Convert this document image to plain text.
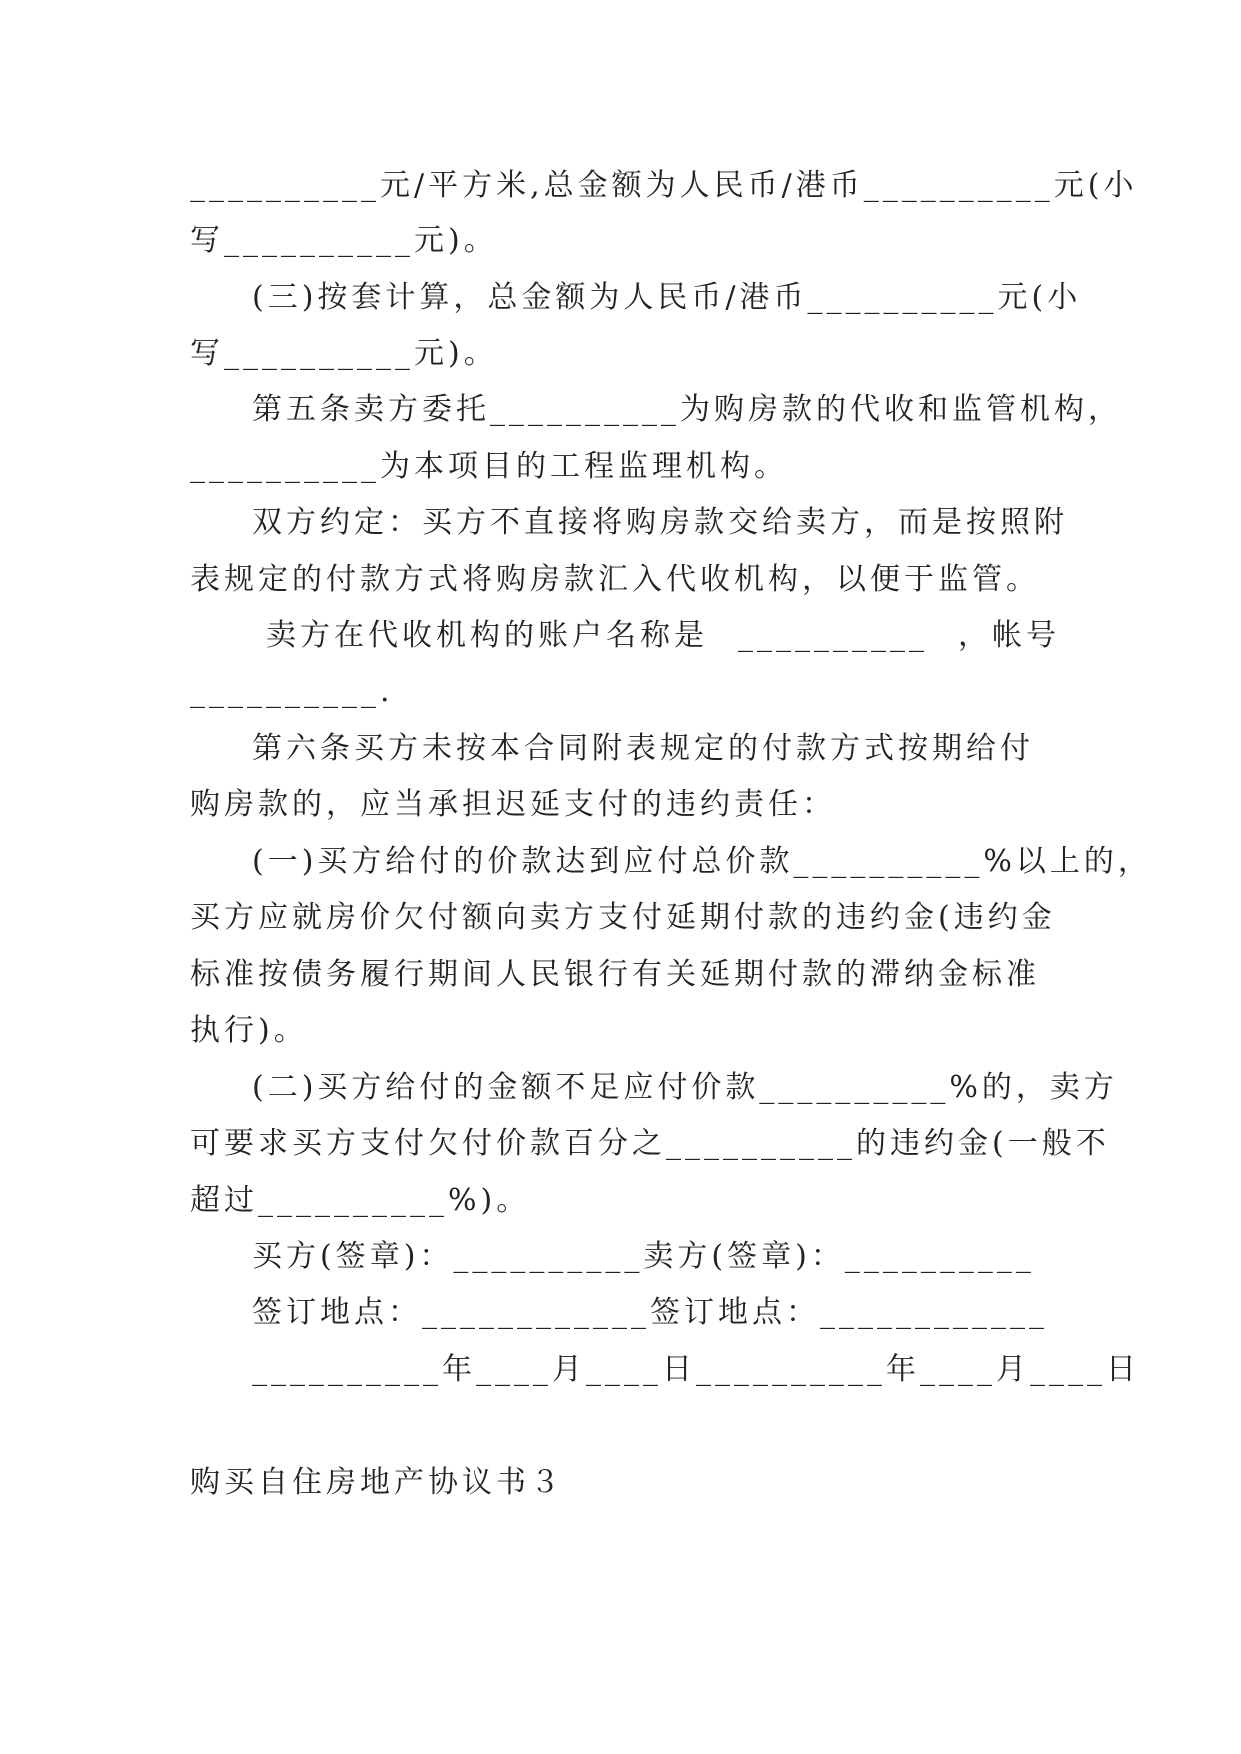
__________元/平方米,总金额为人民币/港币__________元(小
写__________元)。
(三)按套计算，总金额为人民币/港币__________元(小
写__________元)。
第五条卖方委托__________为购房款的代收和监管机构，
__________为本项目的工程监理机构。
双方约定：买方不直接将购房款交给卖方，而是按照附
表规定的付款方式将购房款汇入代收机构，以便于监管。
卖方在代收机构的账户名称是 __________ ，帐号
__________.
第六条买方未按本合同附表规定的付款方式按期给付
购房款的，应当承担迟延支付的违约责任：
(一)买方给付的价款达到应付总价款__________%以上的，
买方应就房价欠付额向卖方支付延期付款的违约金(违约金
标准按债务履行期间人民银行有关延期付款的滞纳金标准
执行)。
(二)买方给付的金额不足应付价款__________%的，卖方
可要求买方支付欠付价款百分之__________的违约金(一般不
超过__________%)。
买方(签章)：__________卖方(签章)：__________
签订地点：____________签订地点：____________
__________年____月____日__________年____月____日
购买自住房地产协议书３
